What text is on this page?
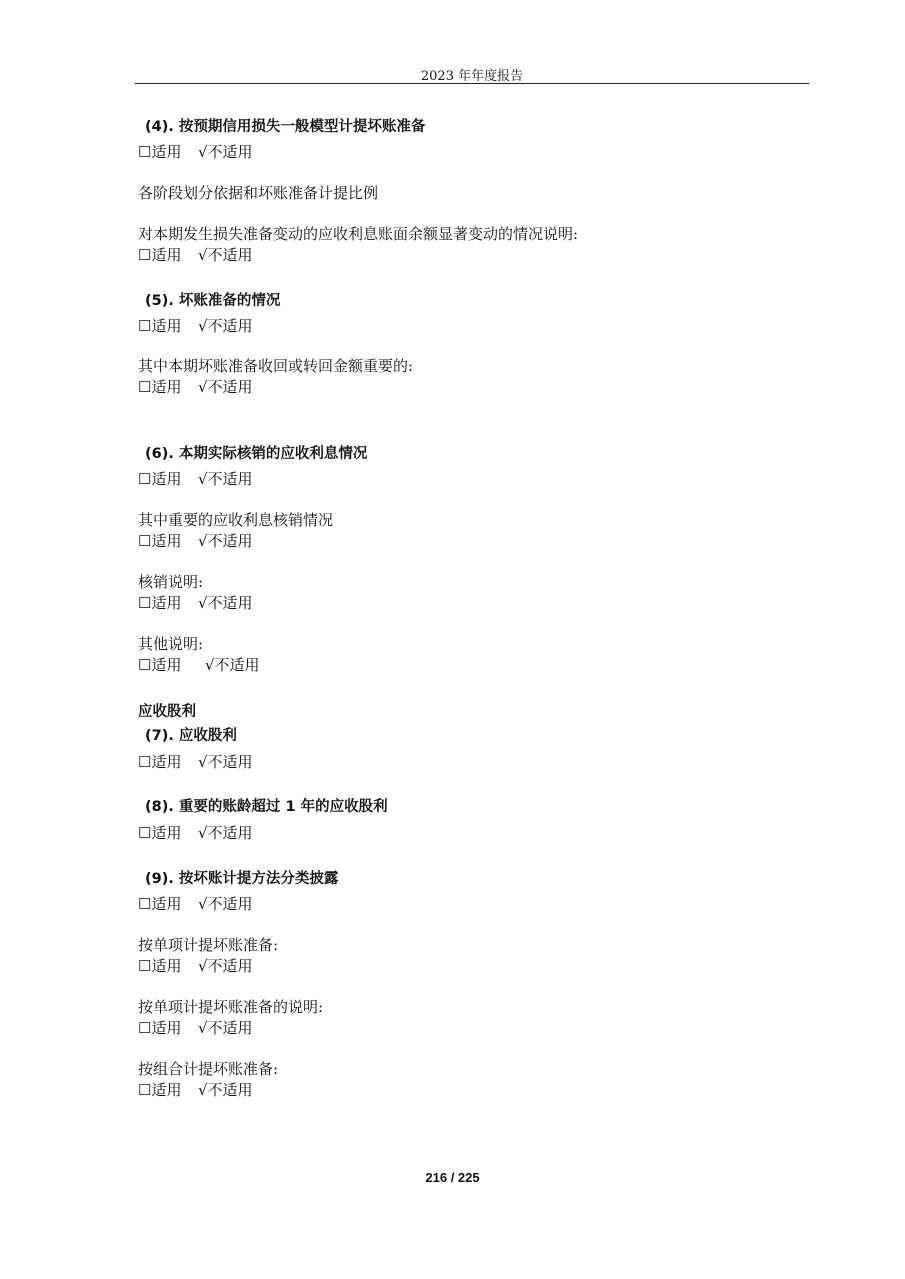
2023 年年度报告
(4). 按预期信用损失一般模型计提坏账准备
☐适用 √不适用
各阶段划分依据和坏账准备计提比例
对本期发生损失准备变动的应收利息账面余额显著变动的情况说明:
☐适用 √不适用
(5). 坏账准备的情况
☐适用 √不适用
其中本期坏账准备收回或转回金额重要的:
☐适用 √不适用
(6). 本期实际核销的应收利息情况
☐适用 √不适用
其中重要的应收利息核销情况
☐适用 √不适用
核销说明:
☐适用 √不适用
其他说明:
☐适用 √不适用
应收股利
(7). 应收股利
☐适用 √不适用
(8). 重要的账龄超过 1 年的应收股利
☐适用 √不适用
(9). 按坏账计提方法分类披露
☐适用 √不适用
按单项计提坏账准备:
☐适用 √不适用
按单项计提坏账准备的说明:
☐适用 √不适用
按组合计提坏账准备:
☐适用 √不适用
216 / 225
